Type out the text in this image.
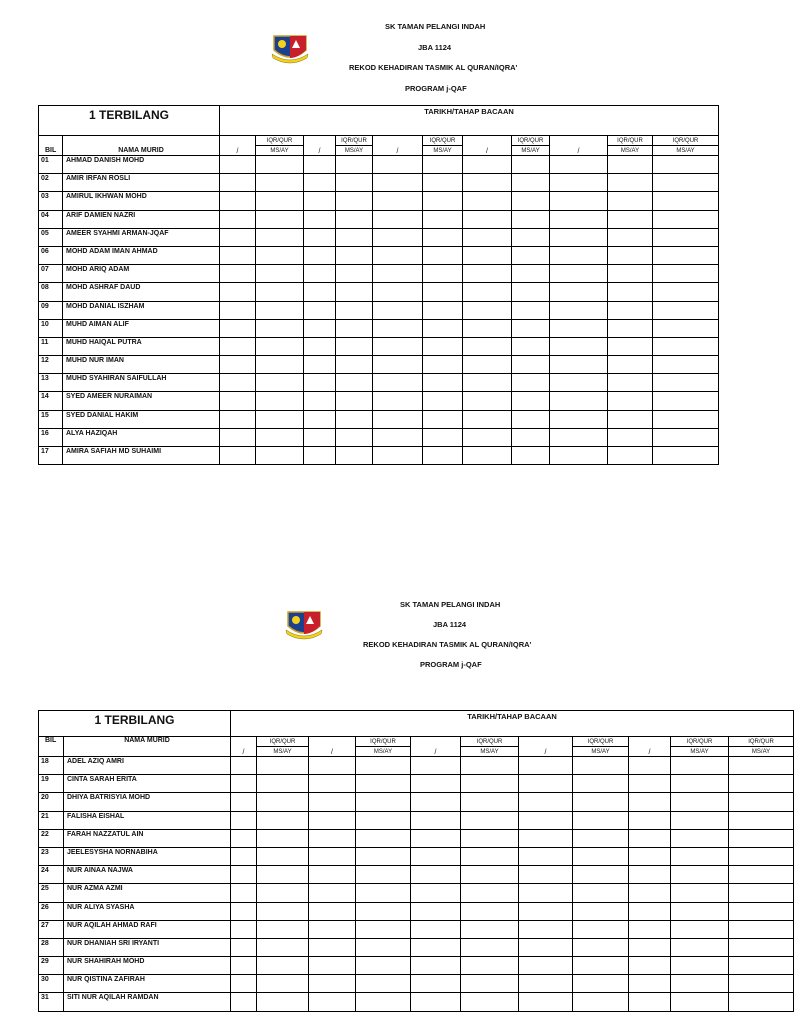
SK TAMAN PELANGI INDAH
JBA 1124
REKOD KEHADIRAN TASMIK AL QURAN/IQRA'
PROGRAM j-QAF
1 TERBILANG		TARIKH/TAHAP BACAAN										
BIL	NAMA MURID	/	IQR/QUR	/	IQR/QUR	/	IQR/QUR	/	IQR/QUR	/	IQR/QUR	IQR/QUR
			MS/AY		MS/AY		MS/AY		MS/AY		MS/AY	MS/AY
01	AHMAD DANISH MOHD											
02	AMIR IRFAN ROSLI											
03	AMIRUL IKHWAN MOHD											
04	ARIF DAMIEN NAZRI											
05	AMEER SYAHMI ARMAN-JQAF											
06	MOHD ADAM IMAN AHMAD											
07	MOHD ARIQ ADAM											
08	MOHD ASHRAF DAUD											
09	MOHD DANIAL ISZHAM											
10	MUHD AIMAN ALIF											
11	MUHD HAIQAL PUTRA											
12	MUHD NUR IMAN											
13	MUHD SYAHIRAN SAIFULLAH											
14	SYED AMEER NURAIMAN											
15	SYED DANIAL HAKIM											
16	ALYA HAZIQAH											
17	AMIRA SAFIAH MD SUHAIMI											
SK TAMAN PELANGI INDAH
JBA 1124
REKOD KEHADIRAN TASMIK AL QURAN/IQRA'
PROGRAM j-QAF
1 TERBILANG		TARIKH/TAHAP BACAAN										
BIL	NAMA MURID	/	IQR/QUR	/	IQR/QUR	/	IQR/QUR	/	IQR/QUR	/	IQR/QUR	IQR/QUR
			MS/AY		MS/AY		MS/AY		MS/AY		MS/AY	MS/AY
18	ADEL AZIQ AMRI											
19	CINTA SARAH ERITA											
20	DHIYA BATRISYIA MOHD											
21	FALISHA EISHAL											
22	FARAH NAZZATUL AIN											
23	JEELESYSHA NORNABIHA											
24	NUR AINAA NAJWA											
25	NUR AZMA AZMI											
26	NUR ALIYA SYASHA											
27	NUR AQILAH AHMAD RAFI											
28	NUR DHANIAH SRI IRYANTI											
29	NUR SHAHIRAH MOHD											
30	NUR QISTINA ZAFIRAH											
31	SITI NUR AQILAH RAMDAN											
